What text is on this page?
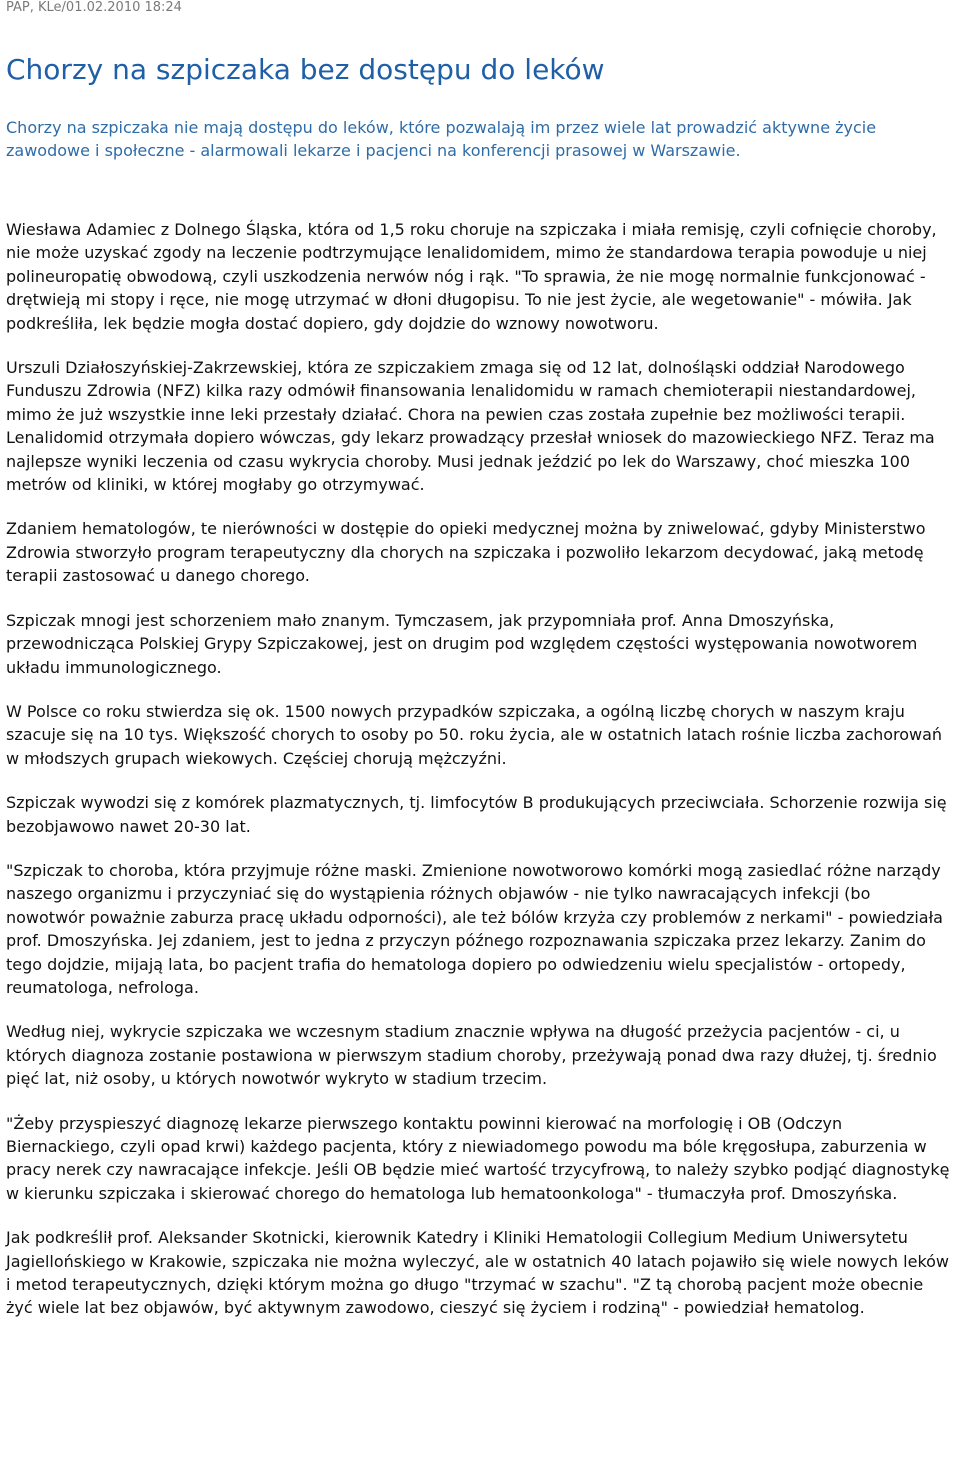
PAP, KLe/01.02.2010 18:24
Chorzy na szpiczaka bez dostępu do leków

Chorzy na szpiczaka nie mają dostępu do leków, które pozwalają im przez wiele lat prowadzić aktywne życie zawodowe i społeczne - alarmowali lekarze i pacjenci na konferencji prasowej w Warszawie.

Wiesława Adamiec z Dolnego Śląska, która od 1,5 roku choruje na szpiczaka i miała remisję, czyli cofnięcie choroby, nie może uzyskać zgody na leczenie podtrzymujące lenalidomidem, mimo że standardowa terapia powoduje u niej polineuropatię obwodową, czyli uszkodzenia nerwów nóg i rąk. "To sprawia, że nie mogę normalnie funkcjonować - drętwieją mi stopy i ręce, nie mogę utrzymać w dłoni długopisu. To nie jest życie, ale wegetowanie" - mówiła. Jak podkreśliła, lek będzie mogła dostać dopiero, gdy dojdzie do wznowy nowotworu.

Urszuli Działoszyńskiej-Zakrzewskiej, która ze szpiczakiem zmaga się od 12 lat, dolnośląski oddział Narodowego Funduszu Zdrowia (NFZ) kilka razy odmówił finansowania lenalidomidu w ramach chemioterapii niestandardowej, mimo że już wszystkie inne leki przestały działać. Chora na pewien czas została zupełnie bez możliwości terapii. Lenalidomid otrzymała dopiero wówczas, gdy lekarz prowadzący przesłał wniosek do mazowieckiego NFZ. Teraz ma najlepsze wyniki leczenia od czasu wykrycia choroby. Musi jednak jeździć po lek do Warszawy, choć mieszka 100 metrów od kliniki, w której mogłaby go otrzymywać.

Zdaniem hematologów, te nierówności w dostępie do opieki medycznej można by zniwelować, gdyby Ministerstwo Zdrowia stworzyło program terapeutyczny dla chorych na szpiczaka i pozwoliło lekarzom decydować, jaką metodę terapii zastosować u danego chorego.

Szpiczak mnogi jest schorzeniem mało znanym. Tymczasem, jak przypomniała prof. Anna Dmoszyńska, przewodnicząca Polskiej Grypy Szpiczakowej, jest on drugim pod względem częstości występowania nowotworem układu immunologicznego.

W Polsce co roku stwierdza się ok. 1500 nowych przypadków szpiczaka, a ogólną liczbę chorych w naszym kraju szacuje się na 10 tys. Większość chorych to osoby po 50. roku życia, ale w ostatnich latach rośnie liczba zachorowań w młodszych grupach wiekowych. Częściej chorują mężczyźni.

Szpiczak wywodzi się z komórek plazmatycznych, tj. limfocytów B produkujących przeciwciała. Schorzenie rozwija się bezobjawowo nawet 20-30 lat.

"Szpiczak to choroba, która przyjmuje różne maski. Zmienione nowotworowo komórki mogą zasiedlać różne narządy naszego organizmu i przyczyniać się do wystąpienia różnych objawów - nie tylko nawracających infekcji (bo nowotwór poważnie zaburza pracę układu odporności), ale też bólów krzyża czy problemów z nerkami" - powiedziała prof. Dmoszyńska. Jej zdaniem, jest to jedna z przyczyn późnego rozpoznawania szpiczaka przez lekarzy. Zanim do tego dojdzie, mijają lata, bo pacjent trafia do hematologa dopiero po odwiedzeniu wielu specjalistów - ortopedy, reumatologa, nefrologa.

Według niej, wykrycie szpiczaka we wczesnym stadium znacznie wpływa na długość przeżycia pacjentów - ci, u których diagnoza zostanie postawiona w pierwszym stadium choroby, przeżywają ponad dwa razy dłużej, tj. średnio pięć lat, niż osoby, u których nowotwór wykryto w stadium trzecim.

"Żeby przyspieszyć diagnozę lekarze pierwszego kontaktu powinni kierować na morfologię i OB (Odczyn Biernackiego, czyli opad krwi) każdego pacjenta, który z niewiadomego powodu ma bóle kręgosłupa, zaburzenia w pracy nerek czy nawracające infekcje. Jeśli OB będzie mieć wartość trzycyfrową, to należy szybko podjąć diagnostykę w kierunku szpiczaka i skierować chorego do hematologa lub hematoonkologa" - tłumaczyła prof. Dmoszyńska.

Jak podkreślił prof. Aleksander Skotnicki, kierownik Katedry i Kliniki Hematologii Collegium Medium Uniwersytetu Jagiellońskiego w Krakowie, szpiczaka nie można wyleczyć, ale w ostatnich 40 latach pojawiło się wiele nowych leków i metod terapeutycznych, dzięki którym można go długo "trzymać w szachu". "Z tą chorobą pacjent może obecnie żyć wiele lat bez objawów, być aktywnym zawodowo, cieszyć się życiem i rodziną" - powiedział hematolog.
